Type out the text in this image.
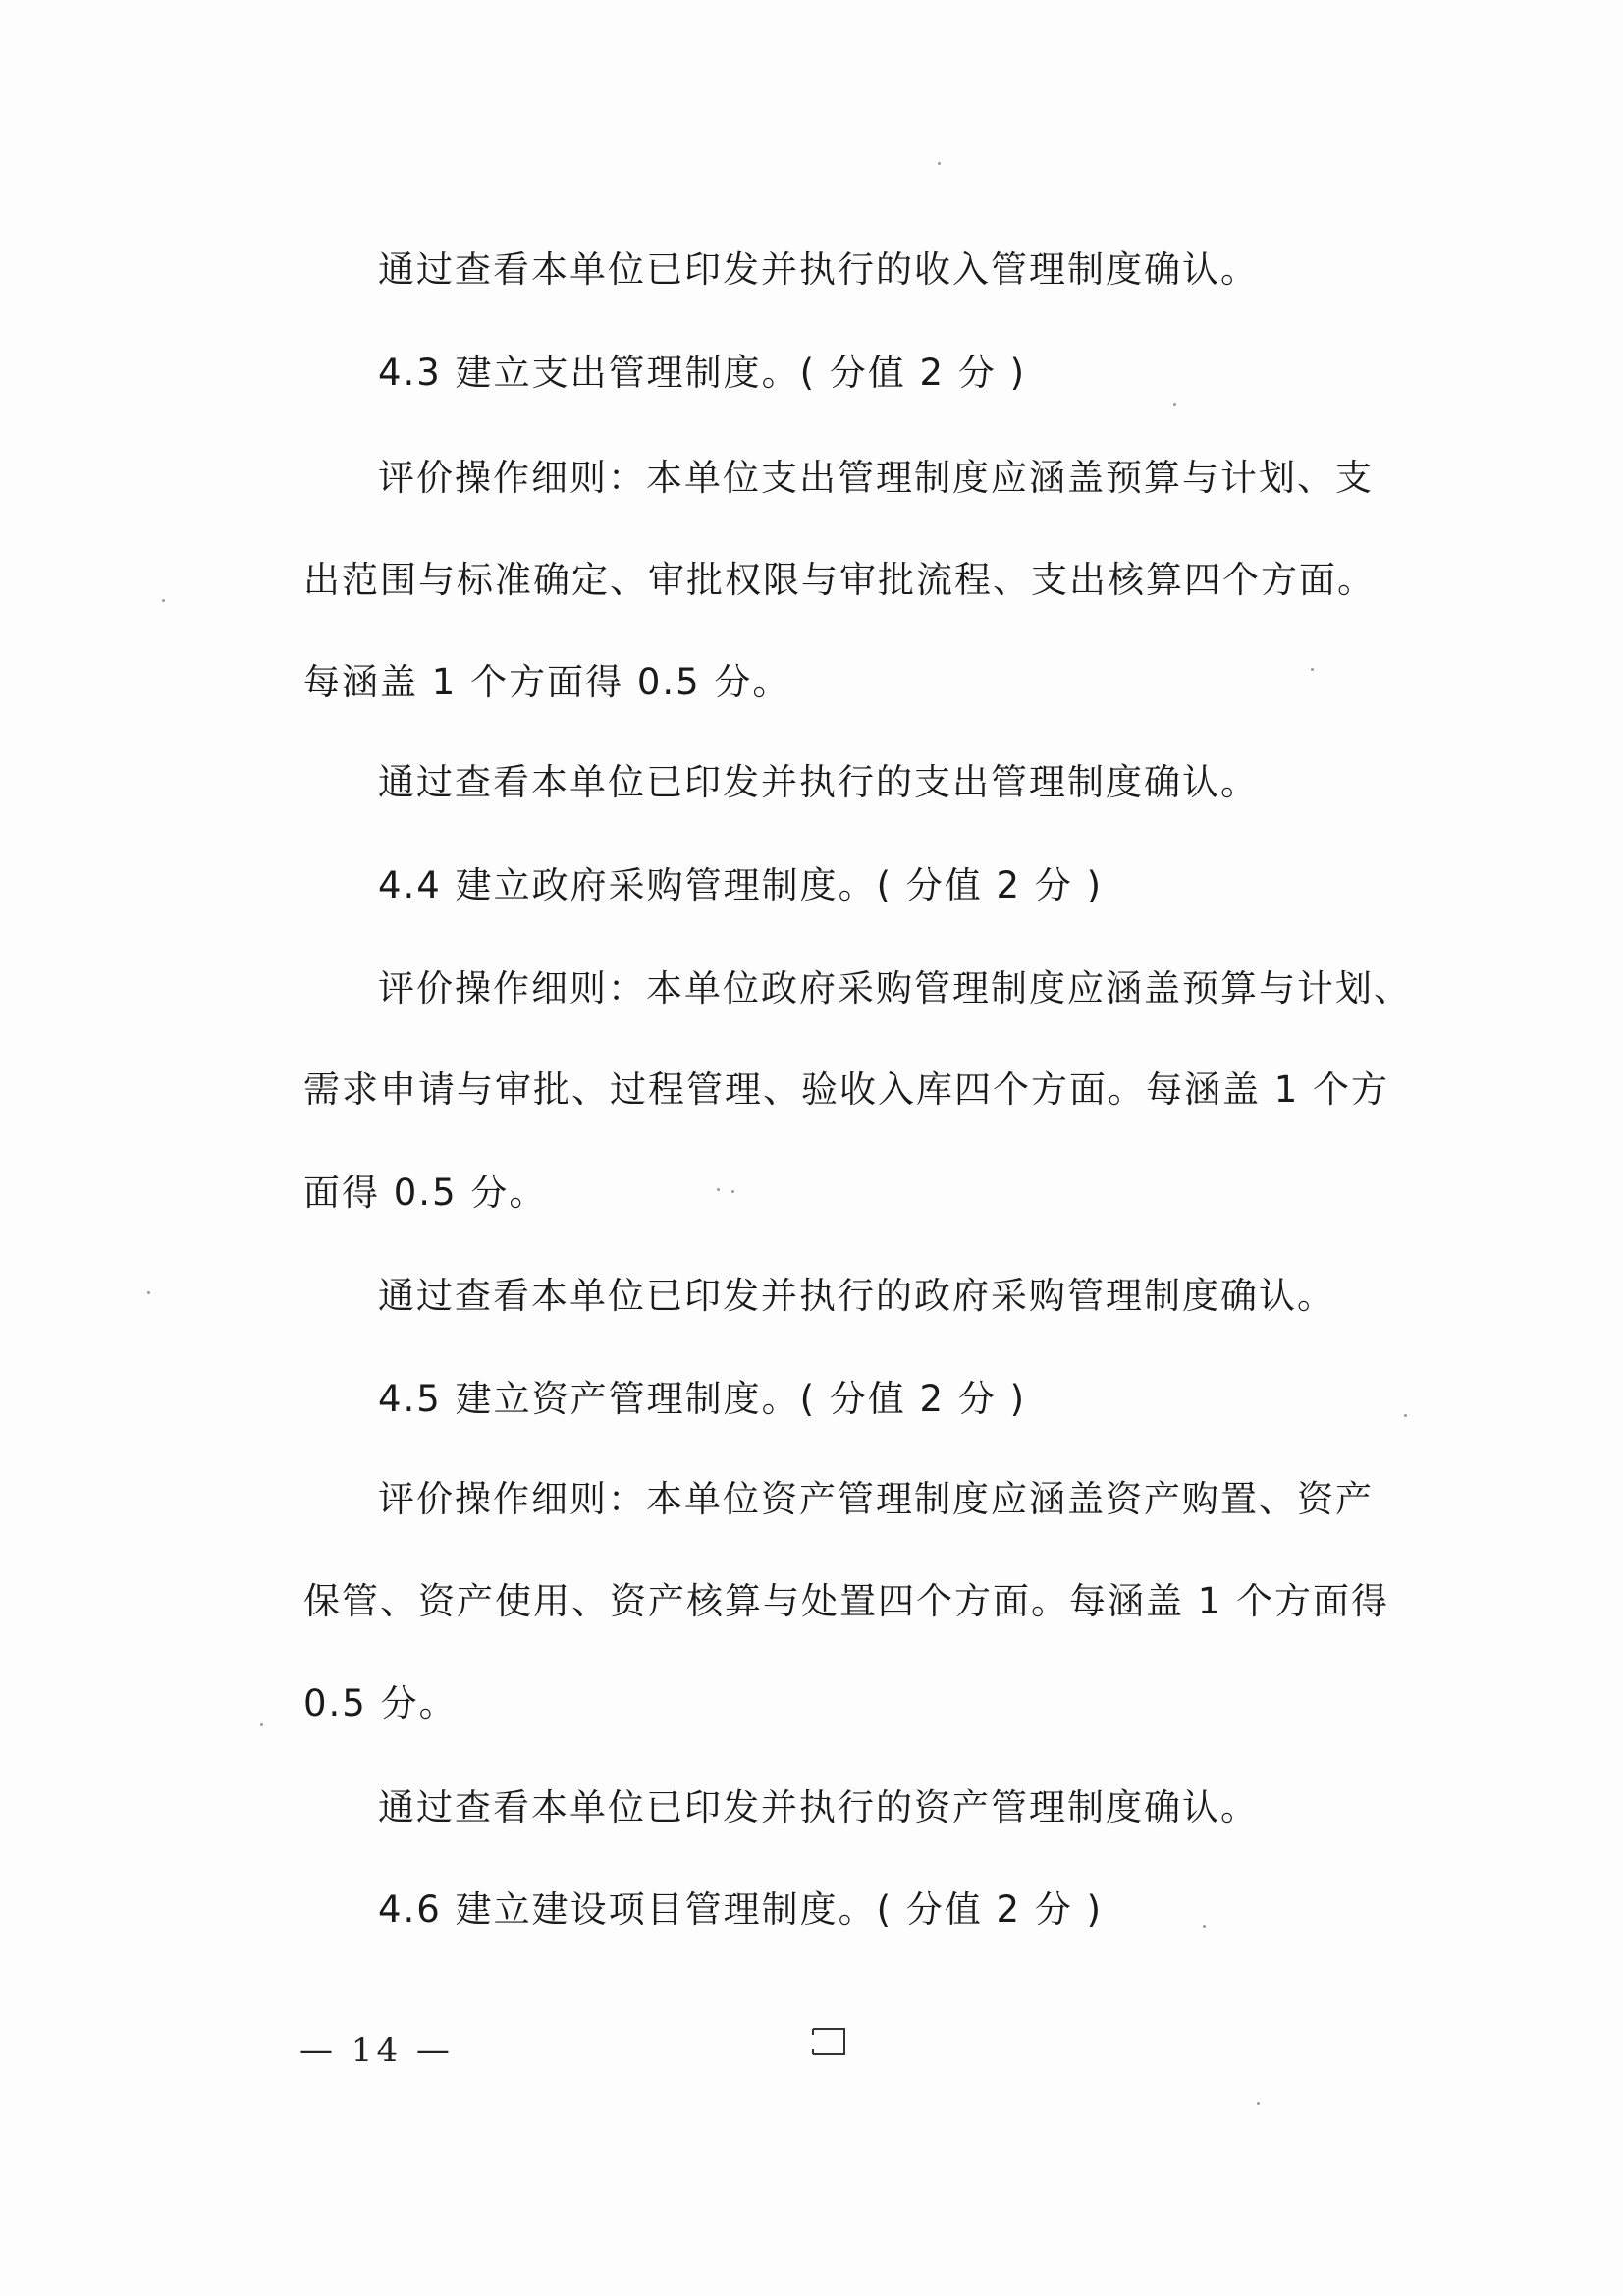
通过查看本单位已印发并执行的收入管理制度确认。
4.3 建立支出管理制度。( 分值 2 分 )
评价操作细则：本单位支出管理制度应涵盖预算与计划、支
出范围与标准确定、审批权限与审批流程、支出核算四个方面。
每涵盖 1 个方面得 0.5 分。
通过查看本单位已印发并执行的支出管理制度确认。
4.4 建立政府采购管理制度。( 分值 2 分 )
评价操作细则：本单位政府采购管理制度应涵盖预算与计划、
需求申请与审批、过程管理、验收入库四个方面。每涵盖 1 个方
面得 0.5 分。
通过查看本单位已印发并执行的政府采购管理制度确认。
4.5 建立资产管理制度。( 分值 2 分 )
评价操作细则：本单位资产管理制度应涵盖资产购置、资产
保管、资产使用、资产核算与处置四个方面。每涵盖 1 个方面得
0.5 分。
通过查看本单位已印发并执行的资产管理制度确认。
4.6 建立建设项目管理制度。( 分值 2 分 )
— 14 —
